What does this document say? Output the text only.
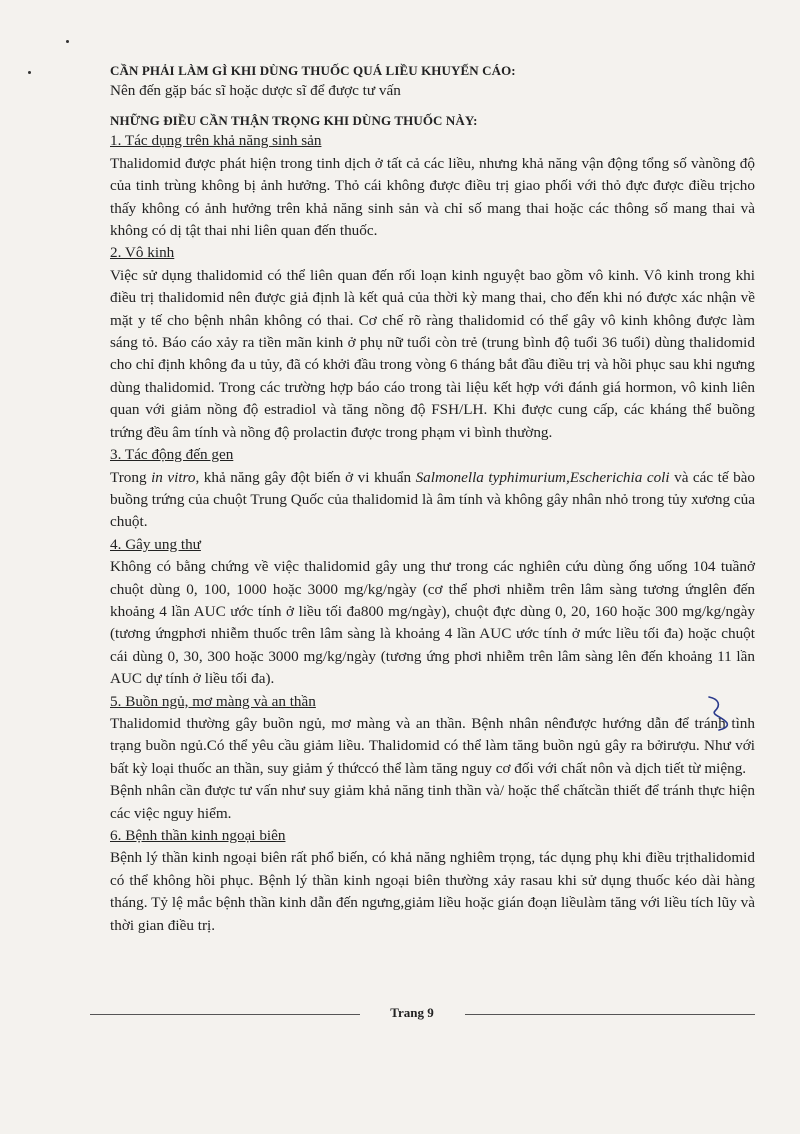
CẦN PHẢI LÀM GÌ KHI DÙNG THUỐC QUÁ LIỀU KHUYẾN CÁO:

Nên đến gặp bác sĩ hoặc dược sĩ để được tư vấn

NHỮNG ĐIỀU CẦN THẬN TRỌNG KHI DÙNG THUỐC NÀY:

1. Tác dụng trên khả năng sinh sản

Thalidomid được phát hiện trong tinh dịch ở tất cả các liều, nhưng khả năng vận động tổng số vànồng độ của tinh trùng không bị ảnh hưởng. Thỏ cái không được điều trị giao phối với thỏ đực được điều trịcho thấy không có ảnh hưởng trên khả năng sinh sản và chỉ số mang thai hoặc các thông số mang thai và không có dị tật thai nhi liên quan đến thuốc.

2. Vô kinh

Việc sử dụng thalidomid có thể liên quan đến rối loạn kinh nguyệt bao gồm vô kinh. Vô kinh trong khi điều trị thalidomid nên được giả định là kết quả của thời kỳ mang thai, cho đến khi nó được xác nhận về mặt y tế cho bệnh nhân không có thai. Cơ chế rõ ràng thalidomid có thể gây vô kinh không được làm sáng tỏ. Báo cáo xảy ra tiền mãn kinh ở phụ nữ tuổi còn trẻ (trung bình độ tuổi 36 tuổi) dùng thalidomid cho chỉ định không đa u tủy, đã có khởi đầu trong vòng 6 tháng bắt đầu điều trị và hồi phục sau khi ngưng dùng thalidomid. Trong các trường hợp báo cáo trong tài liệu kết hợp với đánh giá hormon, vô kinh liên quan với giảm nồng độ estradiol và tăng nồng độ FSH/LH. Khi được cung cấp, các kháng thể buồng trứng đều âm tính và nồng độ prolactin được trong phạm vi bình thường.

3. Tác động đến gen

Trong in vitro, khả năng gây đột biến ở vi khuẩn Salmonella typhimurium,Escherichia coli và các tế bào buồng trứng của chuột Trung Quốc của thalidomid là âm tính và không gây nhân nhỏ trong tủy xương của chuột.

4. Gây ung thư

Không có bằng chứng về việc thalidomid gây ung thư trong các nghiên cứu dùng ống uống 104 tuầnở chuột dùng 0, 100, 1000 hoặc 3000 mg/kg/ngày (cơ thể phơi nhiễm trên lâm sàng tương ứnglên đến khoảng 4 lần AUC ước tính ở liều tối đa800 mg/ngày), chuột đực dùng 0, 20, 160 hoặc 300 mg/kg/ngày (tương ứngphơi nhiễm thuốc trên lâm sàng là khoảng 4 lần AUC ước tính ở mức liều tối đa) hoặc chuột cái dùng 0, 30, 300 hoặc 3000 mg/kg/ngày (tương ứng phơi nhiễm trên lâm sàng lên đến khoảng 11 lần AUC dự tính ở liều tối đa).

5. Buồn ngủ, mơ màng và an thần

Thalidomid thường gây buồn ngủ, mơ màng và an thần. Bệnh nhân nênđược hướng dẫn để tránh tình trạng buồn ngủ.Có thể yêu cầu giảm liều. Thalidomid có thể làm tăng buồn ngủ gây ra bởirượu. Như với bất kỳ loại thuốc an thần, suy giảm ý thứccó thể làm tăng nguy cơ đối với chất nôn và dịch tiết từ miệng.

Bệnh nhân cần được tư vấn như suy giảm khả năng tinh thần và/ hoặc thể chấtcần thiết để tránh thực hiện các việc nguy hiểm.

6. Bệnh thần kinh ngoại biên

Bệnh lý thần kinh ngoại biên rất phổ biến, có khả năng nghiêm trọng, tác dụng phụ khi điều trịthalidomid có thể không hồi phục. Bệnh lý thần kinh ngoại biên thường xảy rasau khi sử dụng thuốc kéo dài hàng tháng. Tỷ lệ mắc bệnh thần kinh dẫn đến ngưng,giảm liều hoặc gián đoạn liềulàm tăng với liều tích lũy và thời gian điều trị.

Trang 9
